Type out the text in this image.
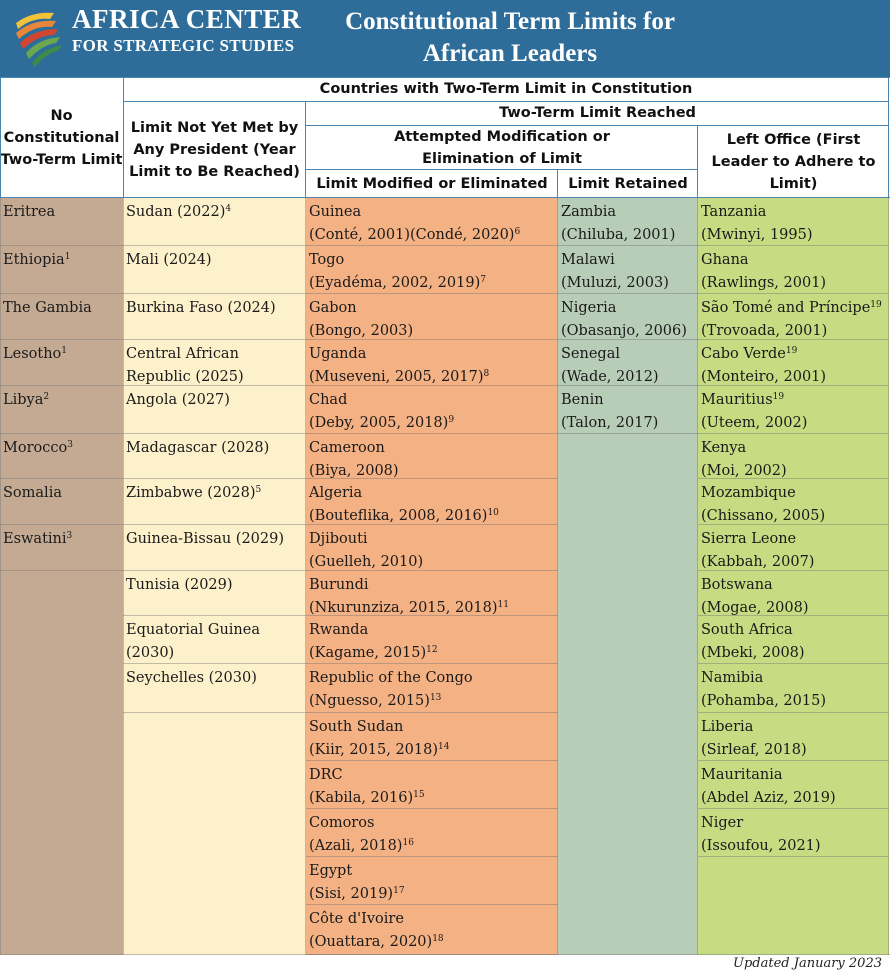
AFRICA CENTER
FOR STRATEGIC STUDIES
Constitutional Term Limits for
African Leaders
No Constitutional Two-Term Limit
Countries with Two-Term Limit in Constitution
Limit Not Yet Met by Any President (Year Limit to Be Reached)
Two-Term Limit Reached
Attempted Modification or Elimination of Limit
Left Office (First Leader to Adhere to Limit)
Limit Modified or Eliminated	Limit Retained
Eritrea
Ethiopia$^1$
The Gambia
Lesotho$^1$
Libya$^2$
Morocco$^3$
Somalia
Eswatini$^3$
Sudan $(2022)^4$
Mali (2024)
Burkina Faso (2024)
Central African Republic (2025)
Angola (2027)
Madagascar (2028)
Zimbabwe $(2028)^5$
Guinea-Bissau (2029)
Tunisia (2029)
Equatorial Guinea (2030)
Seychelles (2030)
Guinea
(Conté, 2001)(Condé, 2020)$^6$
Togo
(Eyadéma, 2002, 2019)$^7$
Gabon
(Bongo, 2003)
Uganda
(Museveni, 2005, 2017)$^8$
Chad
(Deby, 2005, 2018)$^9$
Cameroon
(Biya, 2008)
Algeria
(Bouteflika, 2008, 2016)$^{10}$
Djibouti
(Guelleh, 2010)
Burundi
(Nkurunziza, 2015, 2018)$^{11}$
Rwanda
(Kagame, 2015)$^{12}$
Republic of the Congo
(Nguesso, 2015)$^{13}$
South Sudan
(Kiir, 2015, 2018)$^{14}$
DRC
(Kabila, 2016)$^{15}$
Comoros
(Azali, 2018)$^{16}$
Egypt
(Sisi, 2019)$^{17}$
Côte d'Ivoire
(Ouattara, 2020)$^{18}$
Zambia
(Chiluba, 2001)
Malawi
(Muluzi, 2003)
Nigeria
(Obasanjo, 2006)
Senegal
(Wade, 2012)
Benin
(Talon, 2017)
Tanzania
(Mwinyi, 1995)
Ghana
(Rawlings, 2001)
São Tomé and Príncipe$^{19}$
(Trovoada, 2001)
Cabo Verde$^{19}$
(Monteiro, 2001)
Mauritius$^{19}$
(Uteem, 2002)
Kenya
(Moi, 2002)
Mozambique
(Chissano, 2005)
Sierra Leone
(Kabbah, 2007)
Botswana
(Mogae, 2008)
South Africa
(Mbeki, 2008)
Namibia
(Pohamba, 2015)
Liberia
(Sirleaf, 2018)
Mauritania
(Abdel Aziz, 2019)
Niger
(Issoufou, 2021)
Updated January 2023
